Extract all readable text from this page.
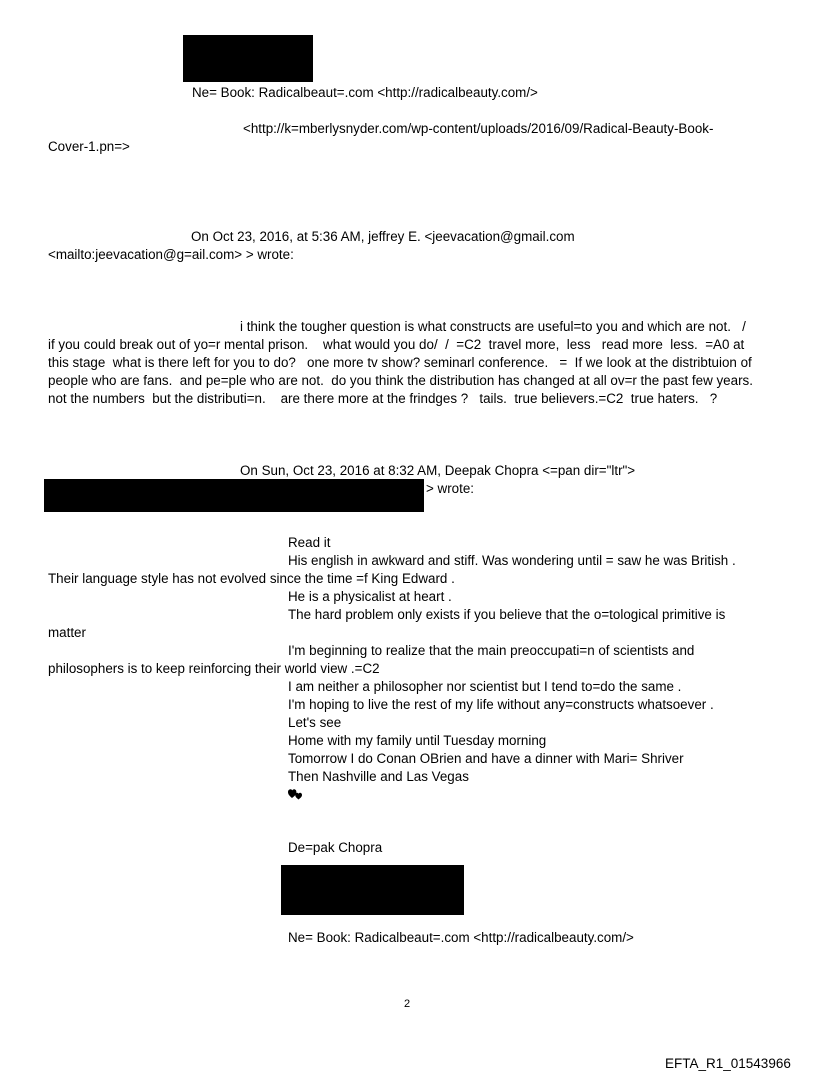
Ne= Book: Radicalbeaut=.com <http://radicalbeauty.com/>
<http://k=mberlysnyder.com/wp-content/uploads/2016/09/Radical-Beauty-Book-
Cover-1.pn=>
On Oct 23, 2016, at 5:36 AM, jeffrey E. <jeevacation@gmail.com
<mailto:jeevacation@g=ail.com> > wrote:
i think the tougher question is what constructs are useful=to you and which are not.   /
if you could break out of yo=r mental prison.    what would you do/  /  =C2  travel more,  less   read more  less.  =A0 at
this stage  what is there left for you to do?   one more tv show? seminarl conference.   =  If we look at the distribtuion of
people who are fans.  and pe=ple who are not.  do you think the distribution has changed at all ov=r the past few years.
not the numbers  but the distributi=n.    are there more at the frindges ?   tails.  true believers.=C2  true haters.   ?
On Sun, Oct 23, 2016 at 8:32 AM, Deepak Chopra <=pan dir="ltr">
> wrote:
Read it
His english in awkward and stiff. Was wondering until = saw he was British .
Their language style has not evolved since the time =f King Edward .
He is a physicalist at heart .
The hard problem only exists if you believe that the o=tological primitive is
matter
I'm beginning to realize that the main preoccupati=n of scientists and
philosophers is to keep reinforcing their world view .=C2
I am neither a philosopher nor scientist but I tend to=do the same .
I'm hoping to live the rest of my life without any=constructs whatsoever .
Let's see
Home with my family until Tuesday morning
Tomorrow I do Conan OBrien and have a dinner with Mari= Shriver
Then Nashville and Las Vegas
De=pak Chopra
Ne= Book: Radicalbeaut=.com <http://radicalbeauty.com/>
2
EFTA_R1_01543966
